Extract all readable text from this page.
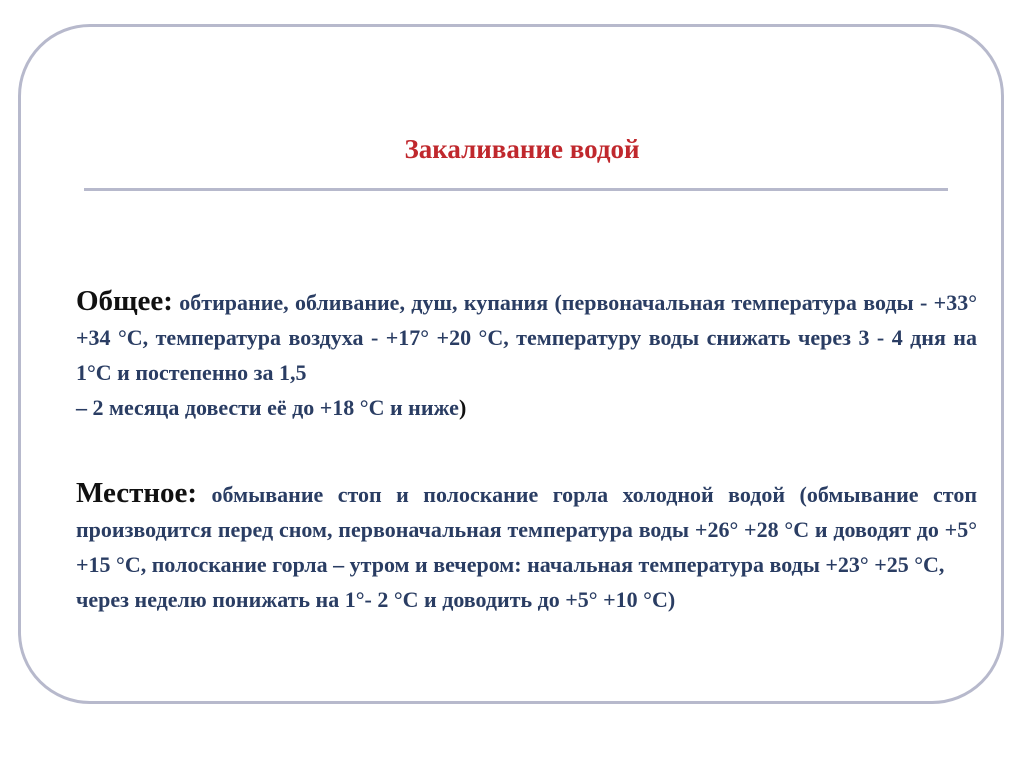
Закаливание водой

Общее: обтирание, обливание, душ, купания (первоначальная температура воды - +33° +34 °С, температура воздуха - +17° +20 °С, температуру воды снижать через 3 - 4 дня на 1°С и постепенно за 1,5
– 2 месяца довести её до +18 °С и ниже)

Местное: обмывание стоп и полоскание горла холодной водой (обмывание стоп производится перед сном, первоначальная температура воды +26° +28 °С и доводят до +5° +15 °С, полоскание горла – утром и вечером: начальная температура воды +23° +25 °С,
через неделю понижать на 1°- 2 °С и доводить до +5° +10 °С)
